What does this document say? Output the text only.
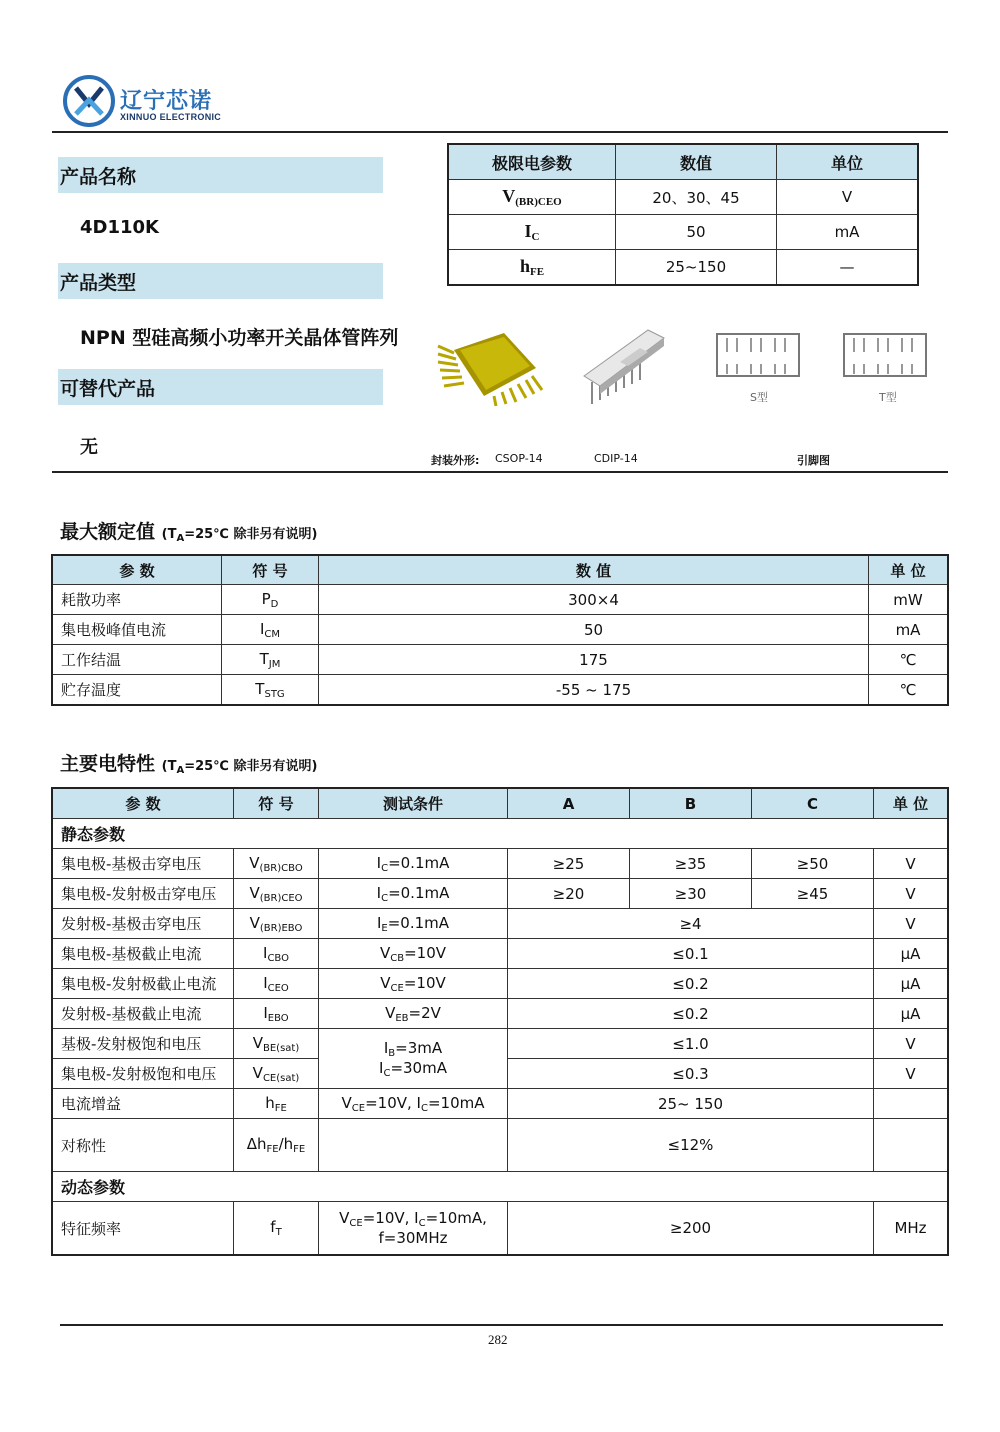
辽宁芯诺
XINNUO ELECTRONIC
产品名称
4D110K
产品类型
NPN 型硅高频小功率开关晶体管阵列
可替代产品
无
极限电参数	数值	单位
$V_{(BR)CEO}$	20、30、45	V
$I_C$	50	mA
$h_{FE}$	25~150	—
S型	T型
封装外形: CSOP-14	CDIP-14	引脚图
最大额定值 ($T_A=25℃$ 除非另有说明)
参 数	符 号	数 值	单 位
耗散功率	$P_D$	300×4	mW
集电极峰值电流	$I_{CM}$	50	mA
工作结温	$T_{JM}$	175	℃
贮存温度	$T_{STG}$	-55 ~ 175	℃
主要电特性 ($T_A=25℃$ 除非另有说明)
参 数	符 号	测试条件	A	B	C	单 位
静态参数						
集电极-基极击穿电压	$V_{(BR)CBO}$	$I_C=0.1mA$	≥25	≥35	≥50	V
集电极-发射极击穿电压	$V_{(BR)CEO}$	$I_C=0.1mA$	≥20	≥30	≥45	V
发射极-基极击穿电压	$V_{(BR)EBO}$	$I_E=0.1mA$	≥4			V
集电极-基极截止电流	$I_{CBO}$	$V_{CB}=10V$	≤0.1			μA
集电极-发射极截止电流	$I_{CEO}$	$V_{CE}=10V$	≤0.2			μA
发射极-基极截止电流	$I_{EBO}$	$V_{EB}=2V$	≤0.2			μA
基极-发射极饱和电压	$V_{BE(sat)}$	$I_B=3mA$
$I_C=30mA$	≤1.0			V
集电极-发射极饱和电压	$V_{CE(sat)}$		≤0.3			V
电流增益	$h_{FE}$	$V_{CE}=10V$, $I_C=10mA$	25~ 150			
对称性	$\Delta h_{FE}/h_{FE}$		≤12%			
动态参数						
特征频率	$f_T$	$V_{CE}=10V$, $I_C=10mA$,
f=30MHz	≥200			MHz
282
